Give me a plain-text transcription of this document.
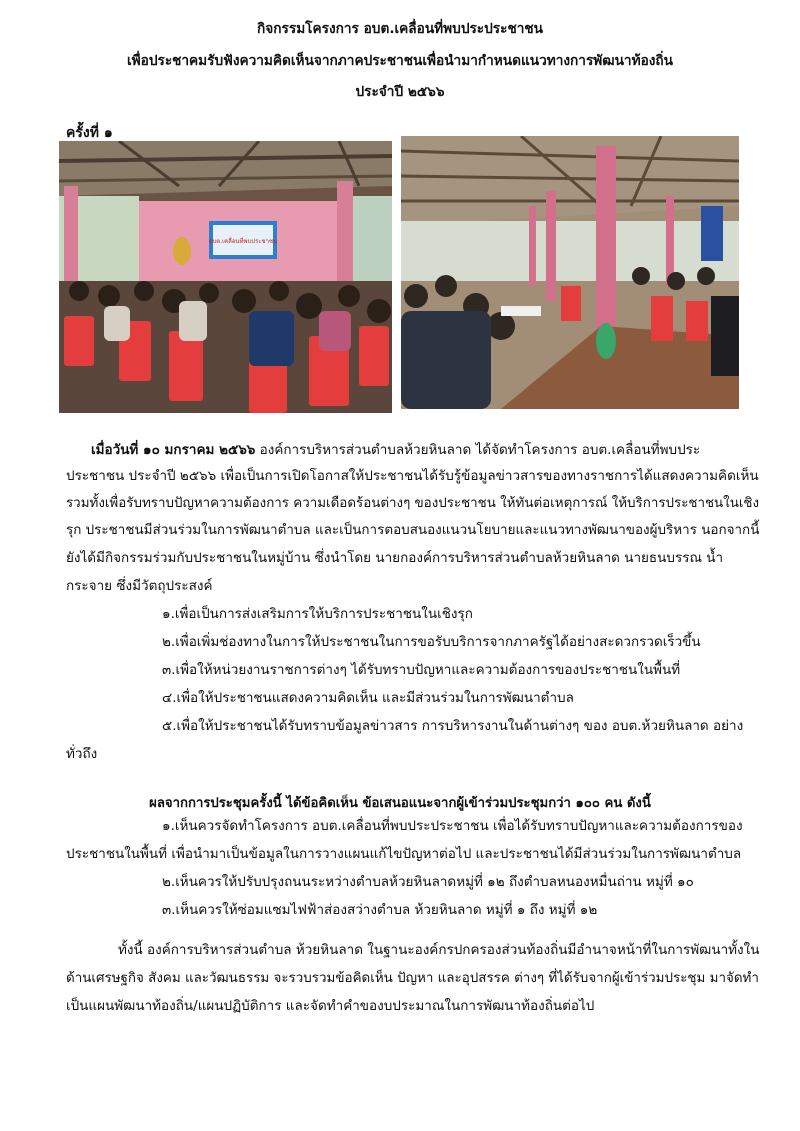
กิจกรรมโครงการ อบต.เคลื่อนที่พบประประชาชน
เพื่อประชาคมรับฟังความคิดเห็นจากภาคประชาชนเพื่อนำมากำหนดแนวทางการพัฒนาท้องถิ่น
ประจำปี ๒๕๖๖
ครั้งที่ ๑
อบต.เคลื่อนที่พบประชาชน
เมื่อวันที่ ๑๐ มกราคม ๒๕๖๖ องค์การบริหารส่วนตำบลห้วยหินลาด ได้จัดทำโครงการ อบต.เคลื่อนที่พบประ
ประชาชน ประจำปี ๒๕๖๖ เพื่อเป็นการเปิดโอกาสให้ประชาชนได้รับรู้ข้อมูลข่าวสารของทางราชการได้แสดงความคิดเห็น
รวมทั้งเพื่อรับทราบปัญหาความต้องการ ความเดือดร้อนต่างๆ ของประชาชน ให้ทันต่อเหตุการณ์ ให้บริการประชาชนในเชิง
รุก ประชาชนมีส่วนร่วมในการพัฒนาตำบล และเป็นการตอบสนองแนวนโยบายและแนวทางพัฒนาของผู้บริหาร นอกจากนี้
ยังได้มีกิจกรรมร่วมกับประชาชนในหมู่บ้าน ซึ่งนำโดย นายกองค์การบริหารส่วนตำบลห้วยหินลาด นายธนบรรณ น้ำ
กระจาย ซึ่งมีวัตถุประสงค์
๑.เพื่อเป็นการส่งเสริมการให้บริการประชาชนในเชิงรุก
๒.เพื่อเพิ่มช่องทางในการให้ประชาชนในการขอรับบริการจากภาครัฐได้อย่างสะดวกรวดเร็วขึ้น
๓.เพื่อให้หน่วยงานราชการต่างๆ ได้รับทราบปัญหาและความต้องการของประชาชนในพื้นที่
๔.เพื่อให้ประชาชนแสดงความคิดเห็น และมีส่วนร่วมในการพัฒนาตำบล
๕.เพื่อให้ประชาชนได้รับทราบข้อมูลข่าวสาร การบริหารงานในด้านต่างๆ ของ อบต.ห้วยหินลาด อย่าง
ทั่วถึง
ผลจากการประชุมครั้งนี้ ได้ข้อคิดเห็น ข้อเสนอแนะจากผู้เข้าร่วมประชุมกว่า ๑๐๐ คน ดังนี้
๑.เห็นควรจัดทำโครงการ อบต.เคลื่อนที่พบประประชาชน เพื่อได้รับทราบปัญหาและความต้องการของ
ประชาชนในพื้นที่ เพื่อนำมาเป็นข้อมูลในการวางแผนแก้ไขปัญหาต่อไป และประชาชนได้มีส่วนร่วมในการพัฒนาตำบล
๒.เห็นควรให้ปรับปรุงถนนระหว่างตำบลห้วยหินลาดหมู่ที่ ๑๒ ถึงตำบลหนองหมื่นถ่าน หมู่ที่ ๑๐
๓.เห็นควรให้ซ่อมแซมไฟฟ้าส่องสว่างตำบล ห้วยหินลาด หมู่ที่ ๑ ถึง หมู่ที่ ๑๒
ทั้งนี้ องค์การบริหารส่วนตำบล ห้วยหินลาด ในฐานะองค์กรปกครองส่วนท้องถิ่นมีอำนาจหน้าที่ในการพัฒนาทั้งใน
ด้านเศรษฐกิจ สังคม และวัฒนธรรม จะรวบรวมข้อคิดเห็น ปัญหา และอุปสรรค ต่างๆ ที่ได้รับจากผู้เข้าร่วมประชุม มาจัดทำ
เป็นแผนพัฒนาท้องถิ่น/แผนปฏิบัติการ และจัดทำคำของบประมาณในการพัฒนาท้องถิ่นต่อไป
